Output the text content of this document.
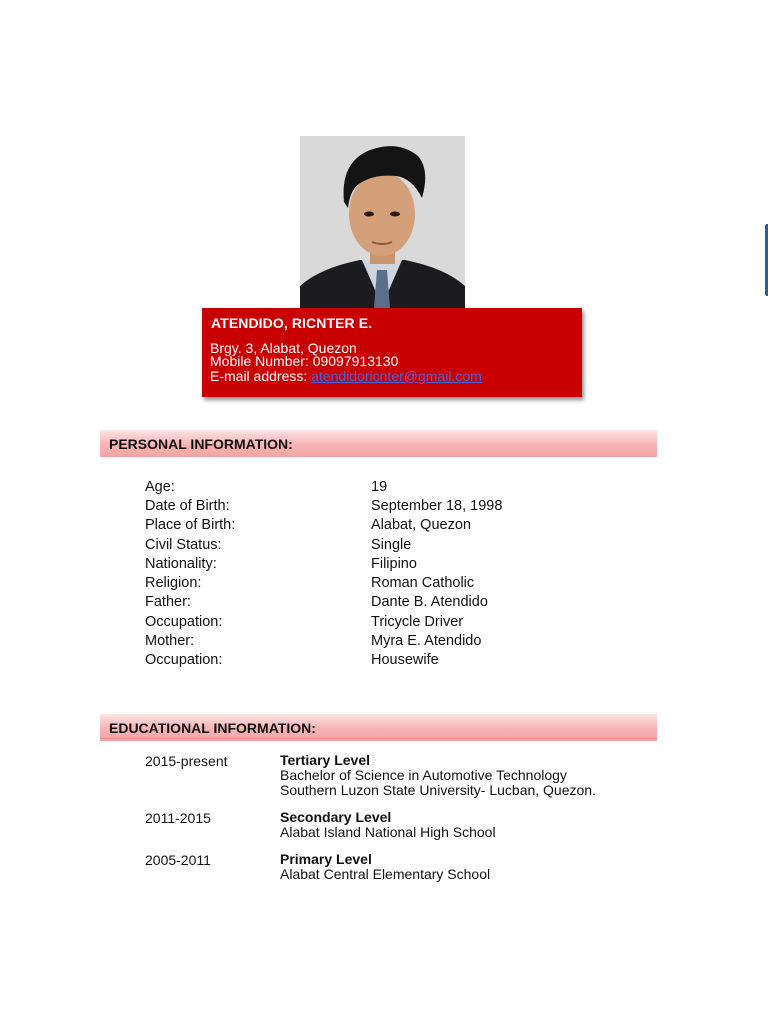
ATENDIDO, RICNTER E.
Brgy. 3, Alabat, Quezon
Mobile Number: 09097913130
E-mail address: atendidoricnter@gmail.com
PERSONAL INFORMATION:
Age:	19
Date of Birth:	September 18, 1998
Place of Birth:	Alabat, Quezon
Civil Status:	Single
Nationality:	Filipino
Religion:	Roman Catholic
Father:	Dante B. Atendido
Occupation:	Tricycle Driver
Mother:	Myra E. Atendido
Occupation:	Housewife
EDUCATIONAL INFORMATION:
2015-present	Tertiary Level
Bachelor of Science in Automotive Technology
Southern Luzon State University- Lucban, Quezon.
2011-2015	Secondary Level
Alabat Island National High School
2005-2011	Primary Level
Alabat Central Elementary School
